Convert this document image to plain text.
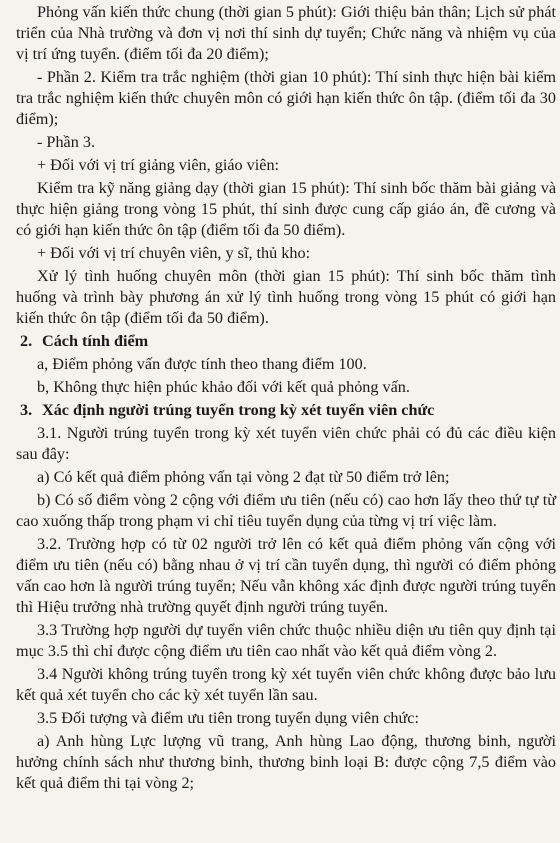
Phỏng vấn kiến thức chung (thời gian 5 phút): Giới thiệu bản thân; Lịch sử phát triển của Nhà trường và đơn vị nơi thí sinh dự tuyển; Chức năng và nhiệm vụ của vị trí ứng tuyển. (điểm tối đa 20 điểm);

- Phần 2. Kiểm tra trắc nghiệm (thời gian 10 phút): Thí sinh thực hiện bài kiểm tra trắc nghiệm kiến thức chuyên môn có giới hạn kiến thức ôn tập. (điểm tối đa 30 điểm);

- Phần 3.

+ Đối với vị trí giảng viên, giáo viên:

Kiểm tra kỹ năng giảng dạy (thời gian 15 phút): Thí sinh bốc thăm bài giảng và thực hiện giảng trong vòng 15 phút, thí sinh được cung cấp giáo án, đề cương và có giới hạn kiến thức ôn tập (điểm tối đa 50 điểm).

+ Đối với vị trí chuyên viên, y sĩ, thủ kho:

Xử lý tình huống chuyên môn (thời gian 15 phút): Thí sinh bốc thăm tình huống và trình bày phương án xử lý tình huống trong vòng 15 phút có giới hạn kiến thức ôn tập (điểm tối đa 50 điểm).

2. Cách tính điểm

a, Điểm phỏng vấn được tính theo thang điểm 100.

b, Không thực hiện phúc khảo đối với kết quả phỏng vấn.

3. Xác định người trúng tuyển trong kỳ xét tuyển viên chức

3.1. Người trúng tuyển trong kỳ xét tuyển viên chức phải có đủ các điều kiện sau đây:

a) Có kết quả điểm phỏng vấn tại vòng 2 đạt từ 50 điểm trở lên;

b) Có số điểm vòng 2 cộng với điểm ưu tiên (nếu có) cao hơn lấy theo thứ tự từ cao xuống thấp trong phạm vi chỉ tiêu tuyển dụng của từng vị trí việc làm.

3.2. Trường hợp có từ 02 người trở lên có kết quả điểm phỏng vấn cộng với điểm ưu tiên (nếu có) bằng nhau ở vị trí cần tuyển dụng, thì người có điểm phỏng vấn cao hơn là người trúng tuyển; Nếu vẫn không xác định được người trúng tuyển thì Hiệu trưởng nhà trường quyết định người trúng tuyển.

3.3 Trường hợp người dự tuyển viên chức thuộc nhiều diện ưu tiên quy định tại mục 3.5 thì chỉ được cộng điểm ưu tiên cao nhất vào kết quả điểm vòng 2.

3.4 Người không trúng tuyển trong kỳ xét tuyển viên chức không được bảo lưu kết quả xét tuyển cho các kỳ xét tuyển lần sau.

3.5 Đối tượng và điểm ưu tiên trong tuyển dụng viên chức:

a) Anh hùng Lực lượng vũ trang, Anh hùng Lao động, thương binh, người hưởng chính sách như thương binh, thương binh loại B: được cộng 7,5 điểm vào kết quả điểm thi tại vòng 2;
